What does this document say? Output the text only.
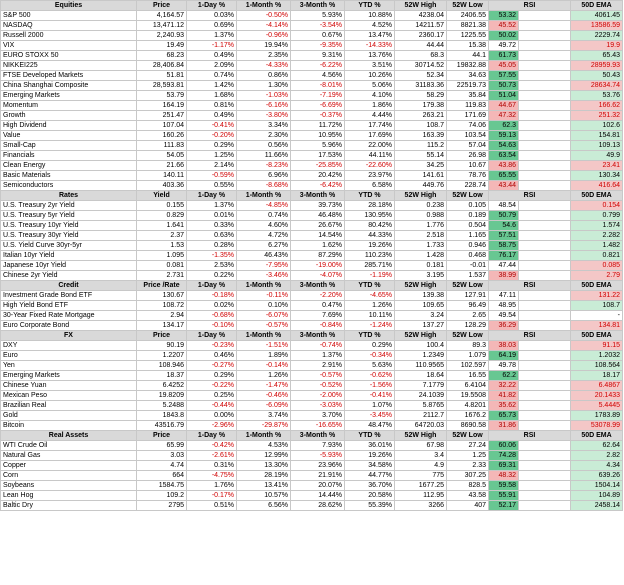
Equities	Price	1-Day %	1-Month %	3-Month %	YTD %	52W High	52W Low	RSI		50D EMA	
S&P 500	4,164.57	0.03%	-0.50%	5.93%	10.88%	4238.04	2406.55	53.32		4061.45	
NASDAQ	13,471.12	0.69%	-4.14%	-3.54%	4.52%	14211.57	8821.38	45.52		13586.59	
Russell 2000	2,240.93	1.37%	-0.96%	0.67%	13.47%	2360.17	1225.55	50.02		2229.74	
VIX	19.49	-1.17%	19.94%	-9.35%	-14.33%	44.44	15.38	49.72		19.9	
EURO STOXX 50	68.23	0.49%	2.35%	9.31%	13.76%	68.3	44.1	61.73		65.43	
NIKKEI225	28,406.84	2.09%	-4.33%	-6.22%	3.51%	30714.52	19832.88	45.05		28959.93	
FTSE Developed Markets	51.81	0.74%	0.86%	4.56%	10.26%	52.34	34.63	57.55		50.43	
China Shanghai Composite	28,593.81	1.42%	1.30%	-8.01%	5.06%	31183.36	22519.73	50.73		28634.74	
Emerging Markets	53.79	1.68%	-1.03%	-7.19%	4.10%	58.29	35.84	51.04		53.76	
Momentum	164.19	0.81%	-6.16%	-6.69%	1.86%	179.38	119.83	44.67		166.62	
Growth	251.47	0.49%	-3.80%	-0.37%	4.44%	263.21	171.69	47.32		251.32	
High Dividend	107.04	-0.41%	3.34%	11.72%	17.74%	108.7	74.06	62.3		102.6	
Value	160.26	-0.20%	2.30%	10.95%	17.69%	163.39	103.54	59.13		154.81	
Small-Cap	111.83	0.29%	0.56%	5.96%	22.00%	115.2	57.04	54.63		109.13	
Financials	54.05	1.25%	11.66%	17.53%	44.11%	55.14	26.98	63.54		49.9	
Clean Energy	21.66	2.14%	-8.23%	-25.85%	-22.60%	34.25	10.67	43.86		23.41	
Basic Materials	140.11	-0.59%	6.96%	20.42%	23.97%	141.61	78.76	65.55		130.34	
Semiconductors	403.36	0.55%	-8.68%	-6.42%	6.58%	449.76	228.74	43.44		416.64	
Rates	Yield	1-Day %	1-Month %	3-Month %	YTD %	52W High	52W Low	RSI		50D EMA	
U.S. Treasury 2yr Yield	0.155	1.37%	-4.85%	39.73%	28.18%	0.238	0.105	48.54		0.154	
U.S. Treasury 5yr Yield	0.829	0.01%	0.74%	46.48%	130.95%	0.988	0.189	50.79		0.799	
U.S. Treasury 10yr Yield	1.641	0.33%	4.60%	26.67%	80.42%	1.776	0.504	54.6		1.574	
U.S. Treasury 30yr Yield	2.37	0.63%	4.72%	14.54%	44.33%	2.518	1.165	57.51		2.282	
U.S. Yield Curve 30yr-5yr	1.53	0.28%	6.27%	1.62%	19.26%	1.733	0.946	58.75		1.482	
Italian 10yr Yield	1.095	-1.35%	46.43%	87.29%	110.23%	1.428	0.468	76.17		0.821	
Japanese 10yr Yield	0.081	2.53%	-7.95%	-19.00%	285.71%	0.181	-0.01	47.44		0.085	
Chinese 2yr Yield	2.731	0.22%	-3.46%	-4.07%	-1.19%	3.195	1.537	38.99		2.79	
Credit	Price /Rate	1-Day %	1-Month %	3-Month %	YTD %	52W High	52W Low	RSI		50D EMA	
Investment Grade Bond ETF	130.67	-0.18%	-0.11%	-2.20%	-4.65%	139.38	127.91	47.11		131.22	
High Yield Bond ETF	108.72	0.02%	0.10%	0.47%	1.26%	109.65	96.49	48.95		108.7	
30-Year Fixed Rate Mortgage	2.94	-0.68%	-6.07%	7.69%	10.11%	3.24	2.65	49.54		-	
Euro Corporate Bond	134.17	-0.10%	-0.57%	-0.84%	-1.24%	137.27	128.29	36.29		134.81	
FX	Price	1-Day %	1-Month %	3-Month %	YTD %	52W High	52W Low	RSI		50D EMA	
DXY	90.19	-0.23%	-1.51%	-0.74%	0.29%	100.4	89.3	38.03		91.15	
Euro	1.2207	0.46%	1.89%	1.37%	-0.34%	1.2349	1.079	64.19		1.2032	
Yen	108.946	-0.27%	-0.14%	2.91%	5.63%	110.9565	102.597	49.78		108.564	
Emerging Markets	18.37	0.29%	1.26%	-0.57%	-0.62%	18.64	16.55	62.2		18.17	
Chinese Yuan	6.4252	-0.22%	-1.47%	-0.52%	-1.56%	7.1779	6.4104	32.22		6.4867	
Mexican Peso	19.8209	0.25%	-0.46%	-2.00%	-0.41%	24.1039	19.5508	41.82		20.1433	
Brazilian Real	5.2488	-0.44%	-6.09%	-3.03%	1.07%	5.8765	4.8201	35.62		5.4445	
Gold	1843.8	0.00%	3.74%	3.70%	-3.45%	2112.7	1676.2	65.73		1783.89	
Bitcoin	43516.79	-2.96%	-29.87%	-16.65%	48.47%	64720.03	8690.58	31.86		53078.99	
Real Assets	Price	1-Day %	1-Month %	3-Month %	YTD %	52W High	52W Low	RSI		50D EMA	
WTI Crude Oil	65.99	-0.42%	4.53%	7.93%	36.01%	67.98	27.24	60.06		62.64	
Natural Gas	3.03	-2.61%	12.99%	-5.93%	19.26%	3.4	1.25	74.28		2.82	
Copper	4.74	0.31%	13.30%	23.96%	34.58%	4.9	2.33	69.31		4.34	
Corn	664	-4.75%	28.19%	21.91%	44.77%	775	307.25	48.32		639.26	
Soybeans	1584.75	1.76%	13.41%	20.07%	36.70%	1677.25	828.5	59.58		1504.14	
Lean Hog	109.2	-0.17%	10.57%	14.44%	20.58%	112.95	43.58	55.91		104.89	
Baltic Dry	2795	0.51%	6.56%	28.62%	55.39%	3266	407	52.17		2458.14	
